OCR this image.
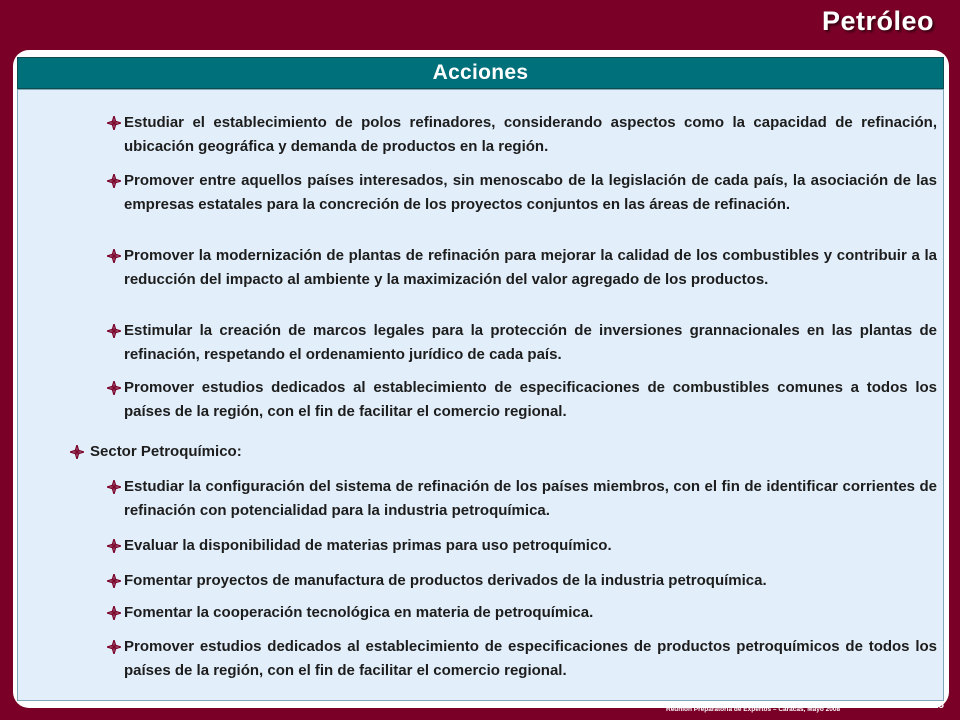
Petróleo
Acciones
Estudiar el establecimiento de polos refinadores, considerando aspectos como la capacidad de refinación, ubicación geográfica y demanda de productos en la región.
Promover entre aquellos países interesados, sin menoscabo de la legislación de cada país, la asociación de las empresas estatales para la concreción de los proyectos conjuntos en las áreas de refinación.
Promover la modernización de plantas de refinación para mejorar la calidad de los combustibles y contribuir a la reducción del impacto al ambiente y la maximización del valor agregado de los productos.
Estimular la creación de marcos legales para la protección de inversiones grannacionales en las plantas de refinación, respetando el ordenamiento jurídico de cada país.
Promover estudios dedicados al establecimiento de especificaciones de combustibles comunes a todos los países de la región, con el fin de facilitar el comercio regional.
Sector Petroquímico:
Estudiar la configuración del sistema de refinación de los países miembros, con el fin de identificar corrientes de refinación con potencialidad para la industria petroquímica.
Evaluar la disponibilidad de materias primas para uso petroquímico.
Fomentar proyectos de manufactura de productos derivados de la industria petroquímica.
Fomentar la cooperación tecnológica en materia de petroquímica.
Promover estudios dedicados al establecimiento de especificaciones de productos petroquímicos de todos los países de la región, con el fin de facilitar el comercio regional.
Reunión Preparatoria de Expertos – Caracas, Mayo 2008	15
